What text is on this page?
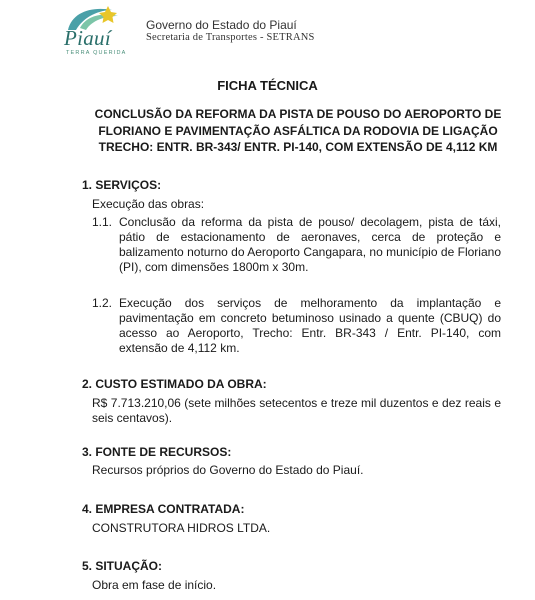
Piauí
TERRA QUERIDA
Governo do Estado do Piauí
Secretaria de Transportes - SETRANS
FICHA TÉCNICA
CONCLUSÃO DA REFORMA DA PISTA DE POUSO DO AEROPORTO DE
FLORIANO E PAVIMENTAÇÃO ASFÁLTICA DA RODOVIA DE LIGAÇÃO
TRECHO: ENTR. BR-343/ ENTR. PI-140, COM EXTENSÃO DE 4,112 KM
1. SERVIÇOS:
Execução das obras:
1.1. Conclusão da reforma da pista de pouso/ decolagem, pista de táxi, pátio de estacionamento de aeronaves, cerca de proteção e balizamento noturno do Aeroporto Cangapara, no município de Floriano (PI), com dimensões 1800m x 30m.
1.2. Execução dos serviços de melhoramento da implantação e pavimentação em concreto betuminoso usinado a quente (CBUQ) do acesso ao Aeroporto, Trecho: Entr. BR-343 / Entr. PI-140, com extensão de 4,112 km.
2. CUSTO ESTIMADO DA OBRA:
R$ 7.713.210,06 (sete milhões setecentos e treze mil duzentos e dez reais e seis centavos).
3. FONTE DE RECURSOS:
Recursos próprios do Governo do Estado do Piauí.
4. EMPRESA CONTRATADA:
CONSTRUTORA HIDROS LTDA.
5. SITUAÇÃO:
Obra em fase de início.
